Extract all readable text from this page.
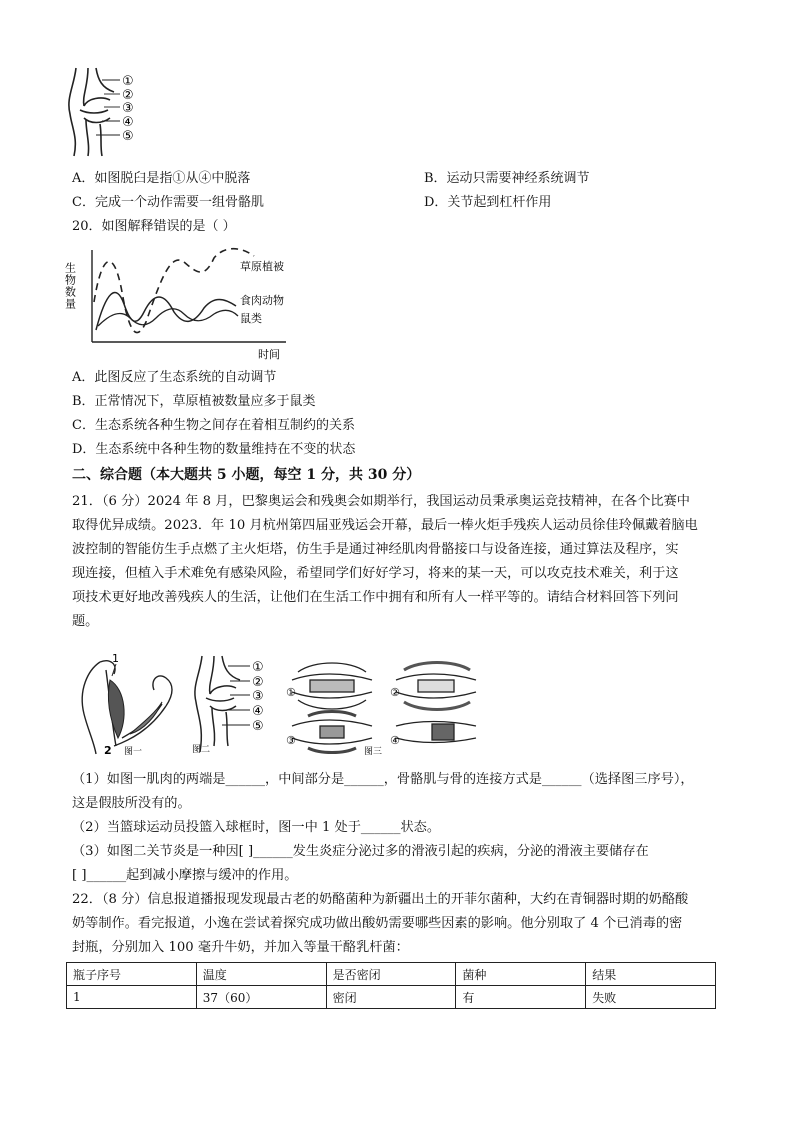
①
②
③
④
⑤
A．如图脱臼是指①从④中脱落	B．运动只需要神经系统调节
C．完成一个动作需要一组骨骼肌	D．关节起到杠杆作用
20．如图解释错误的是（ ）
生物数量	草原植被
食肉动物
鼠类
时间
A．此图反应了生态系统的自动调节
B．正常情况下，草原植被数量应多于鼠类
C．生态系统各种生物之间存在着相互制约的关系
D．生态系统中各种生物的数量维持在不变的状态
二、综合题（本大题共 5 小题，每空 1 分，共 30 分）
21．（6 分）2024 年 8 月，巴黎奥运会和残奥会如期举行，我国运动员秉承奥运竞技精神，在各个比赛中
取得优异成绩。2023．年 10 月杭州第四届亚残运会开幕，最后一棒火炬手残疾人运动员徐佳玲佩戴着脑电
波控制的智能仿生手点燃了主火炬塔，仿生手是通过神经肌肉骨骼接口与设备连接，通过算法及程序，实
现连接，但植入手术难免有感染风险，希望同学们好好学习，将来的某一天，可以攻克技术难关，利于这
项技术更好地改善残疾人的生活，让他们在生活工作中拥有和所有人一样平等的。请结合材料回答下列问
题。
1
2 图一
①
②
③
④
⑤
图二
①
③
②
④
图三
（1）如图一肌肉的两端是______，中间部分是______，骨骼肌与骨的连接方式是______（选择图三序号），
这是假肢所没有的。
（2）当篮球运动员投篮入球框时，图一中 1 处于______状态。
（3）如图二关节炎是一种因[ ]______发生炎症分泌过多的滑液引起的疾病，分泌的滑液主要储存在
[ ]______起到减小摩擦与缓冲的作用。
22．（8 分）信息报道播报现发现最古老的奶酪菌种为新疆出土的开菲尔菌种，大约在青铜器时期的奶酪酸
奶等制作。看完报道，小逸在尝试着探究成功做出酸奶需要哪些因素的影响。他分别取了 4 个已消毒的密
封瓶，分别加入 100 毫升牛奶，并加入等量干酪乳杆菌：
瓶子序号	温度	是否密闭	菌种	结果
1	37（60）	密闭	有	失败
